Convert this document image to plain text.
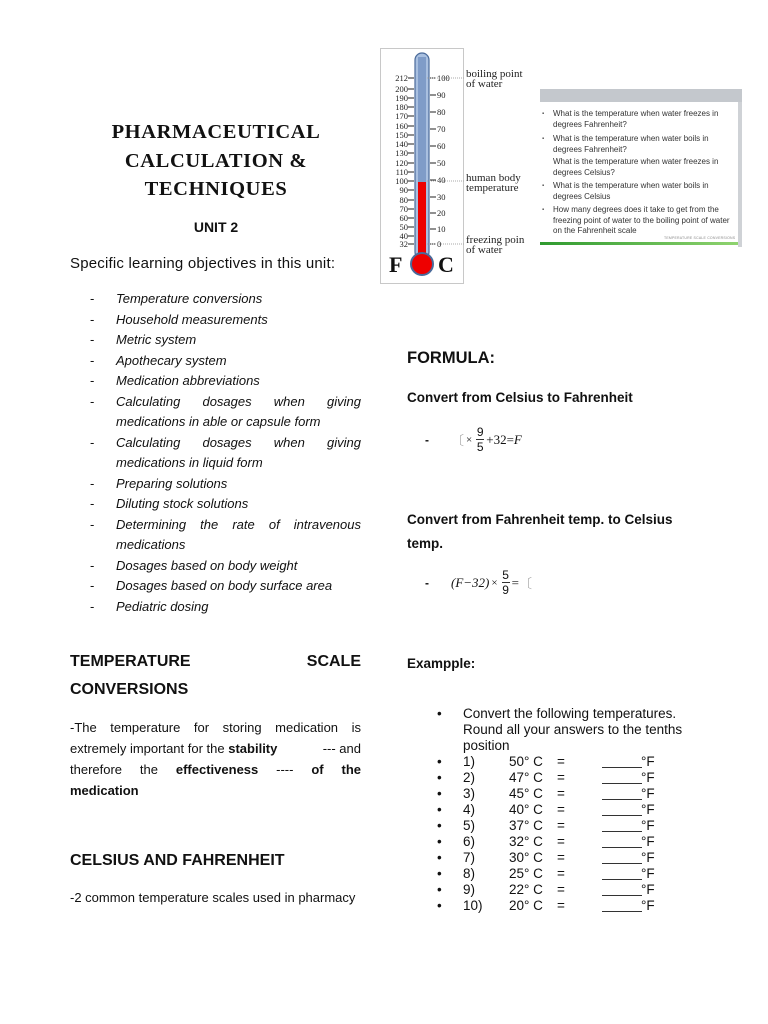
PHARMACEUTICAL
CALCULATION &
TECHNIQUES
UNIT 2
Specific learning objectives in this unit:
- Temperature conversions
- Household measurements
- Metric system
- Apothecary system
- Medication abbreviations
- Calculating dosages when giving medications in able or capsule form
- Calculating dosages when giving medications in liquid form
- Preparing solutions
- Diluting stock solutions
- Determining the rate of intravenous medications
- Dosages based on body weight
- Dosages based on body surface area
- Pediatric dosing
TEMPERATURE	SCALE
CONVERSIONS
-The temperature for storing medication is
extremely important for the stability	--- and
therefore the effectiveness ---- of the
medication
CELSIUS AND FAHRENHEIT
-2 common temperature scales used in pharmacy
212
200
190
180
170
160
150
140
130
120
110
100
90
80
70
60
50
40
32
100
90
80
70
60
50
40
30
20
10
0
F C
boiling point
of water
human body
temperature
freezing poin
of water
What is the temperature when water freezes in degrees Fahrenheit?
▪
What is the temperature when water boils in degrees Fahrenheit?
▪
What is the temperature when water freezes in degrees Celsius?
What is the temperature when water boils in degrees Celsius
▪
How many degrees does it take to get from the freezing point of water to the boiling point of water on the Fahrenheit scale
▪
TEMPERATURE SCALE CONVERSIONS
FORMULA:
Convert from Celsius to Fahrenheit
-	〔 × $\frac{9}{5} +32= F$
Convert from Fahrenheit temp. to Celsius temp.
-	$(F-32) \times \frac{5}{9}$ = 〔
Exampple:
• Convert the following temperatures. Round all your answers to the tenths position
• 1)	50° C =	°F
• 2)	47° C =	°F
• 3)	45° C =	°F
• 4)	40° C =	°F
• 5)	37° C =	°F
• 6)	32° C =	°F
• 7)	30° C =	°F
• 8)	25° C =	°F
• 9)	22° C =	°F
• 10) 20° C =	°F
